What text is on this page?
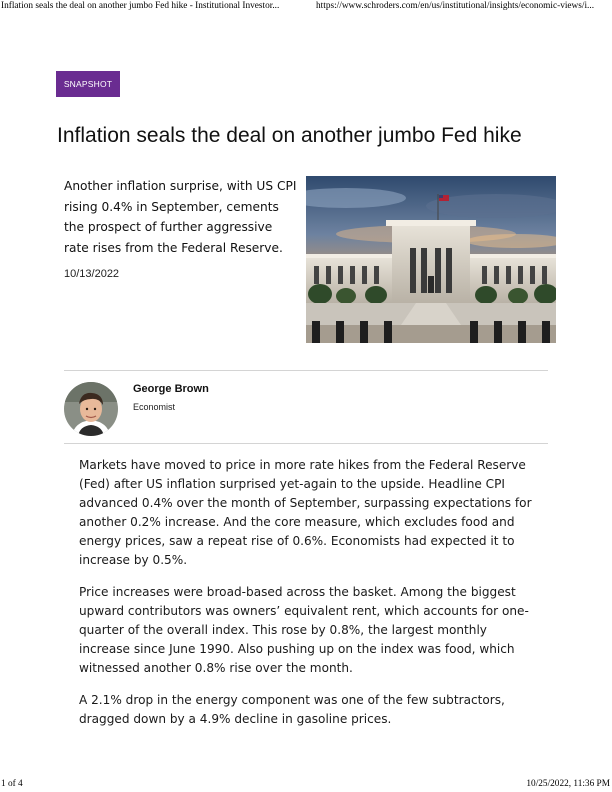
Inflation seals the deal on another jumbo Fed hike - Institutional Investor...	https://www.schroders.com/en/us/institutional/insights/economic-views/i...
SNAPSHOT
Inflation seals the deal on another jumbo Fed hike

Another inflation surprise, with US CPI rising 0.4% in September, cements the prospect of further aggressive rate rises from the Federal Reserve.

10/13/2022
George Brown
Economist

Markets have moved to price in more rate hikes from the Federal Reserve (Fed) after US inflation surprised yet-again to the upside. Headline CPI advanced 0.4% over the month of September, surpassing expectations for another 0.2% increase. And the core measure, which excludes food and energy prices, saw a repeat rise of 0.6%. Economists had expected it to increase by 0.5%.

Price increases were broad-based across the basket. Among the biggest upward contributors was owners’ equivalent rent, which accounts for one-quarter of the overall index. This rose by 0.8%, the largest monthly increase since June 1990. Also pushing up on the index was food, which witnessed another 0.8% rise over the month.

A 2.1% drop in the energy component was one of the few subtractors, dragged down by a 4.9% decline in gasoline prices.

1 of 4	10/25/2022, 11:36 PM
